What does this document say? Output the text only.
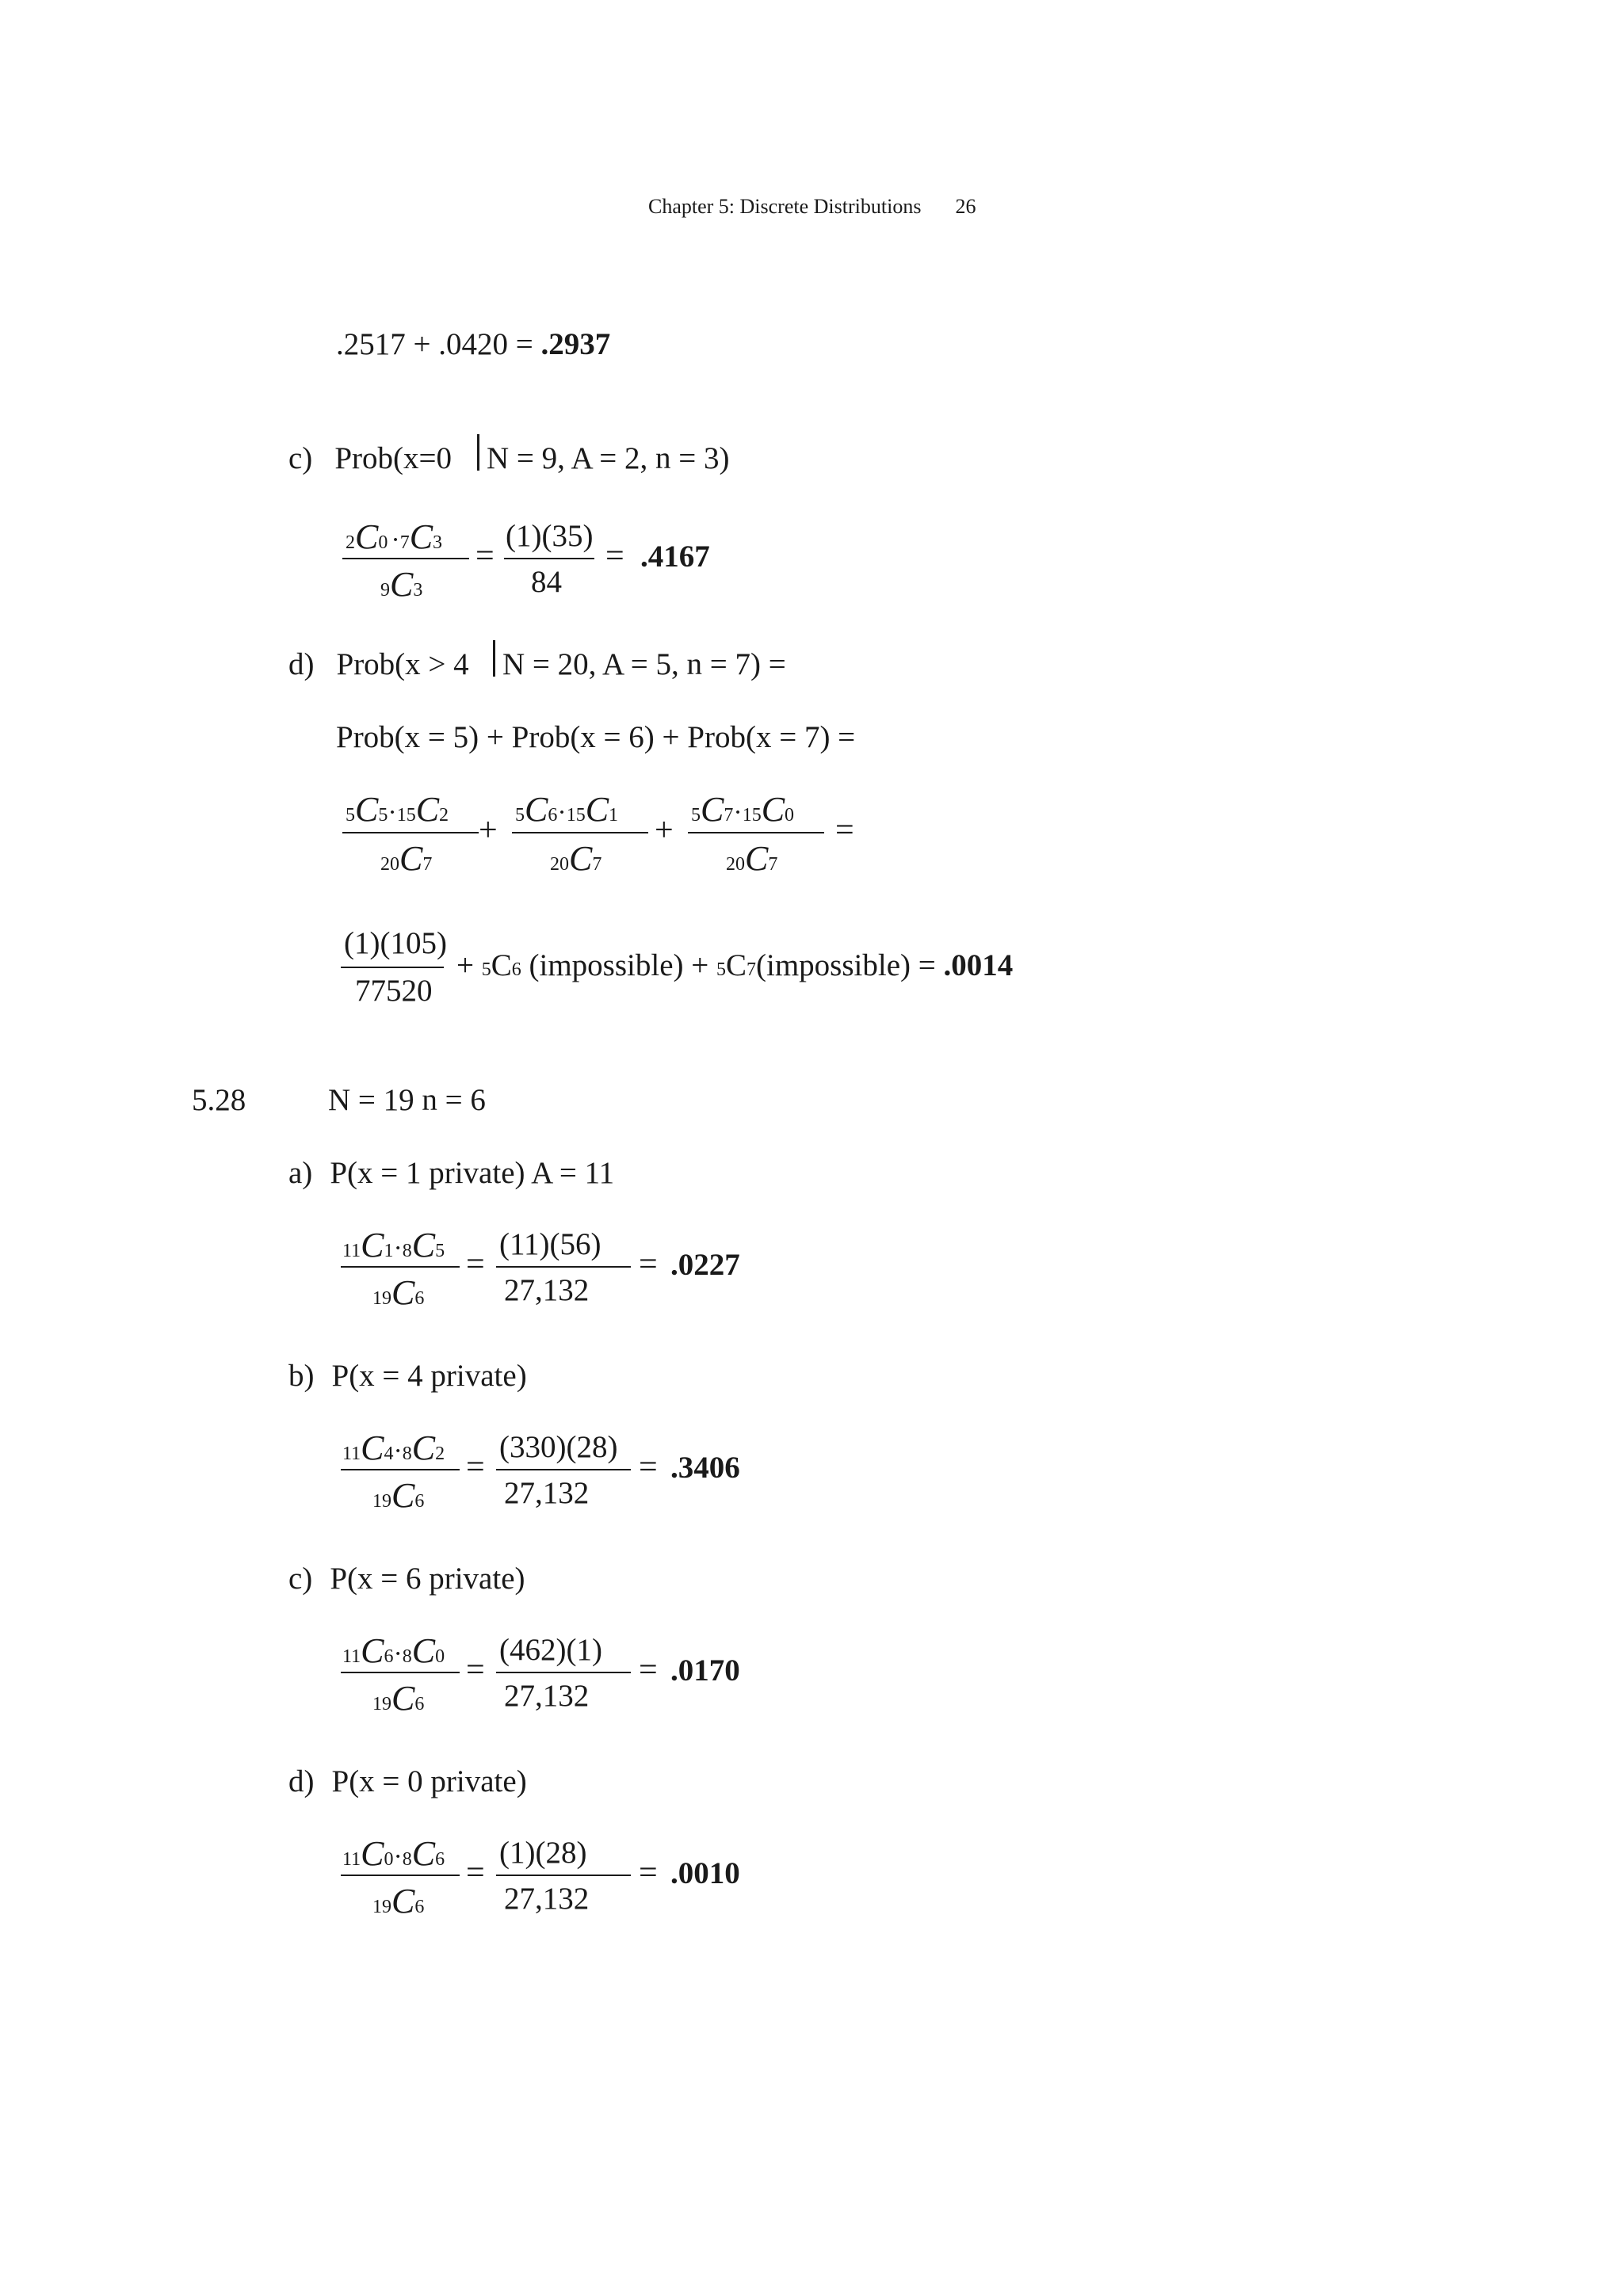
Chapter 5: Discrete Distributions 26
.2517 + .0420 = .2937
c) Prob(x=0 N = 9, A = 2, n = 3)
2C0 ·7C3
9C3
=
(1)(35)
84
= .4167
d) Prob(x > 4 N = 20, A = 5, n = 7) =
Prob(x = 5) + Prob(x = 6) + Prob(x = 7) =
5C5·15C2
20C7
5C6·15C1
20C7
5C7·15C0
20C7
+	+	=
(1)(105)
77520
+ 5C6 (impossible) + 5C7(impossible) = .0014
5.28	N = 19 n = 6
a) P(x = 1 private) A = 11
11C1·8C5
19C6
=
(11)(56)
27,132
= .0227
b) P(x = 4 private)
11C4·8C2
19C6
=
(330)(28)
27,132
= .3406
c) P(x = 6 private)
11C6·8C0
19C6
=
(462)(1)
27,132
= .0170
d) P(x = 0 private)
11C0·8C6
19C6
=
(1)(28)
27,132
= .0010
